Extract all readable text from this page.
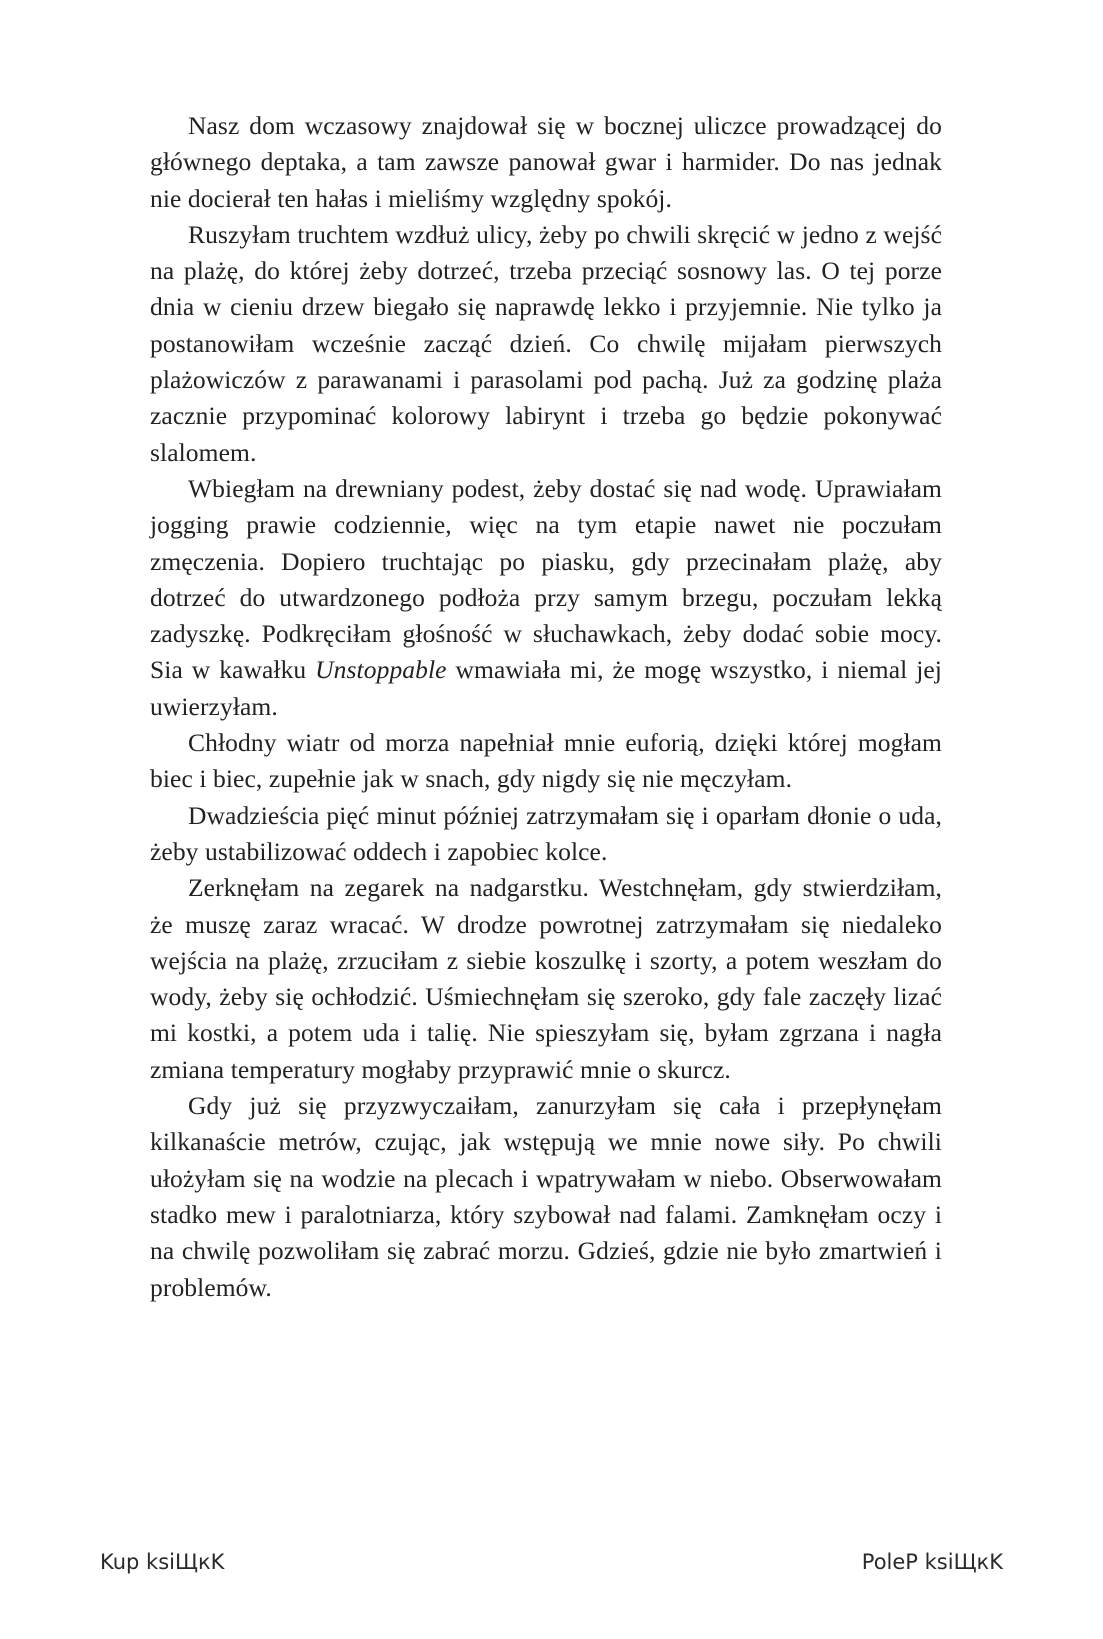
Nasz dom wczasowy znajdował się w bocznej uliczce prowadzącej do głównego deptaka, a tam zawsze panował gwar i harmider. Do nas jednak nie docierał ten hałas i mieliśmy względny spokój.

Ruszyłam truchtem wzdłuż ulicy, żeby po chwili skręcić w jedno z wejść na plażę, do której żeby dotrzeć, trzeba przeciąć sosnowy las. O tej porze dnia w cieniu drzew biegało się naprawdę lekko i przyjemnie. Nie tylko ja postanowiłam wcześnie zacząć dzień. Co chwilę mijałam pierwszych plażowiczów z parawanami i parasolami pod pachą. Już za godzinę plaża zacznie przypominać kolorowy labirynt i trzeba go będzie pokonywać slalomem.

Wbiegłam na drewniany podest, żeby dostać się nad wodę. Uprawiałam jogging prawie codziennie, więc na tym etapie nawet nie poczułam zmęczenia. Dopiero truchtając po piasku, gdy przecinałam plażę, aby dotrzeć do utwardzonego podłoża przy samym brzegu, poczułam lekką zadyszkę. Podkręciłam głośność w słuchawkach, żeby dodać sobie mocy. Sia w kawałku Unstoppable wmawiała mi, że mogę wszystko, i niemal jej uwierzyłam.

Chłodny wiatr od morza napełniał mnie euforią, dzięki której mogłam biec i biec, zupełnie jak w snach, gdy nigdy się nie męczyłam.

Dwadzieścia pięć minut później zatrzymałam się i oparłam dłonie o uda, żeby ustabilizować oddech i zapobiec kolce.

Zerknęłam na zegarek na nadgarstku. Westchnęłam, gdy stwierdziłam, że muszę zaraz wracać. W drodze powrotnej zatrzymałam się niedaleko wejścia na plażę, zrzuciłam z siebie koszulkę i szorty, a potem weszłam do wody, żeby się ochłodzić. Uśmiechnęłam się szeroko, gdy fale zaczęły lizać mi kostki, a potem uda i talię. Nie spieszyłam się, byłam zgrzana i nagła zmiana temperatury mogłaby przyprawić mnie o skurcz.

Gdy już się przyzwyczaiłam, zanurzyłam się cała i przepłynęłam kilkanaście metrów, czując, jak wstępują we mnie nowe siły. Po chwili ułożyłam się na wodzie na plecach i wpatrywałam w niebo. Obserwowałam stadko mew i paralotniarza, który szybował nad falami. Zamknęłam oczy i na chwilę pozwoliłam się zabrać morzu. Gdzieś, gdzie nie było zmartwień i problemów.

Kup ksiЩкK	PoleP ksiЩкK
